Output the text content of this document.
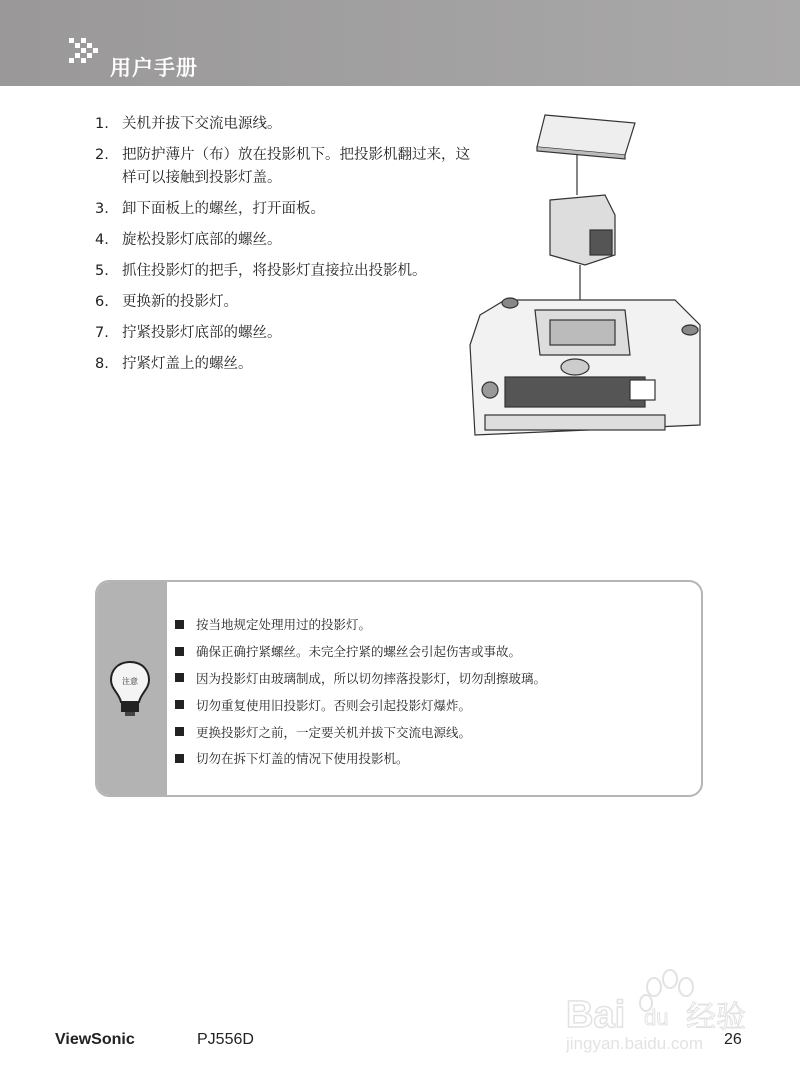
用户手册
1. 关机并拔下交流电源线。
2. 把防护薄片（布）放在投影机下。把投影机翻过来，这样可以接触到投影灯盖。
3. 卸下面板上的螺丝，打开面板。
4. 旋松投影灯底部的螺丝。
5. 抓住投影灯的把手，将投影灯直接拉出投影机。
6. 更换新的投影灯。
7. 拧紧投影灯底部的螺丝。
8. 拧紧灯盖上的螺丝。
注意
按当地规定处理用过的投影灯。
确保正确拧紧螺丝。未完全拧紧的螺丝会引起伤害或事故。
因为投影灯由玻璃制成，所以切勿摔落投影灯，切勿刮擦玻璃。
切勿重复使用旧投影灯。否则会引起投影灯爆炸。
更换投影灯之前，一定要关机并拔下交流电源线。
切勿在拆下灯盖的情况下使用投影机。
Bai du 经验
jingyan.baidu.com
ViewSonic	PJ556D	26
